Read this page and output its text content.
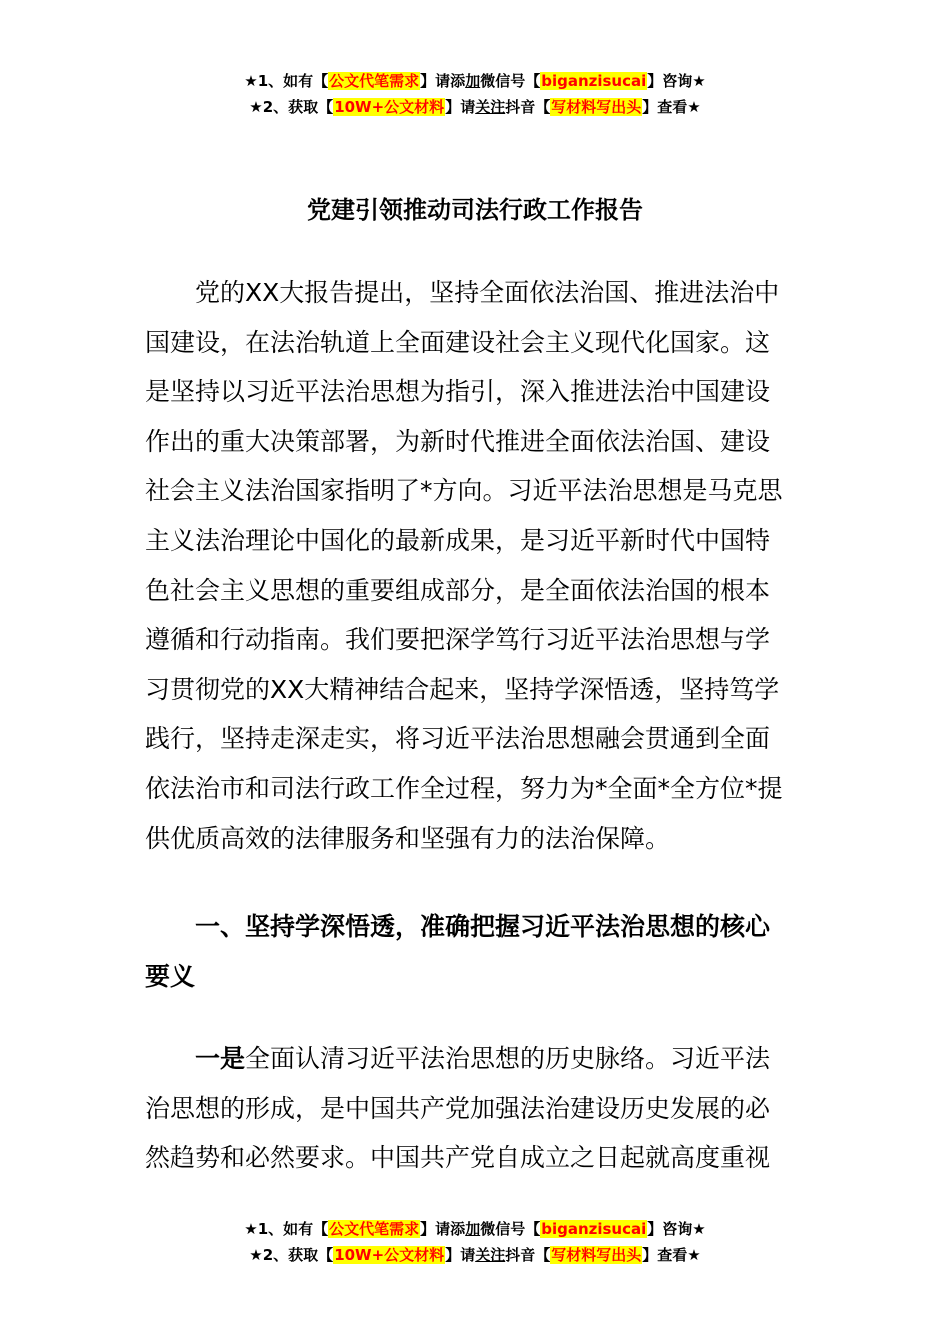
★1、如有【公文代笔需求】请添加微信号【biganzisucai】咨询★
★2、获取【10W+公文材料】请关注抖音【写材料写出头】查看★
党建引领推动司法行政工作报告
　　党的XX大报告提出，坚持全面依法治国、推进法治中
国建设，在法治轨道上全面建设社会主义现代化国家。这
是坚持以习近平法治思想为指引，深入推进法治中国建设
作出的重大决策部署，为新时代推进全面依法治国、建设
社会主义法治国家指明了*方向。习近平法治思想是马克思
主义法治理论中国化的最新成果，是习近平新时代中国特
色社会主义思想的重要组成部分，是全面依法治国的根本
遵循和行动指南。我们要把深学笃行习近平法治思想与学
习贯彻党的XX大精神结合起来，坚持学深悟透，坚持笃学
践行，坚持走深走实，将习近平法治思想融会贯通到全面
依法治市和司法行政工作全过程，努力为*全面*全方位*提
供优质高效的法律服务和坚强有力的法治保障。
　　一、坚持学深悟透，准确把握习近平法治思想的核心
要义
　　一是全面认清习近平法治思想的历史脉络。习近平法
治思想的形成，是中国共产党加强法治建设历史发展的必
然趋势和必然要求。中国共产党自成立之日起就高度重视
★1、如有【公文代笔需求】请添加微信号【biganzisucai】咨询★
★2、获取【10W+公文材料】请关注抖音【写材料写出头】查看★
